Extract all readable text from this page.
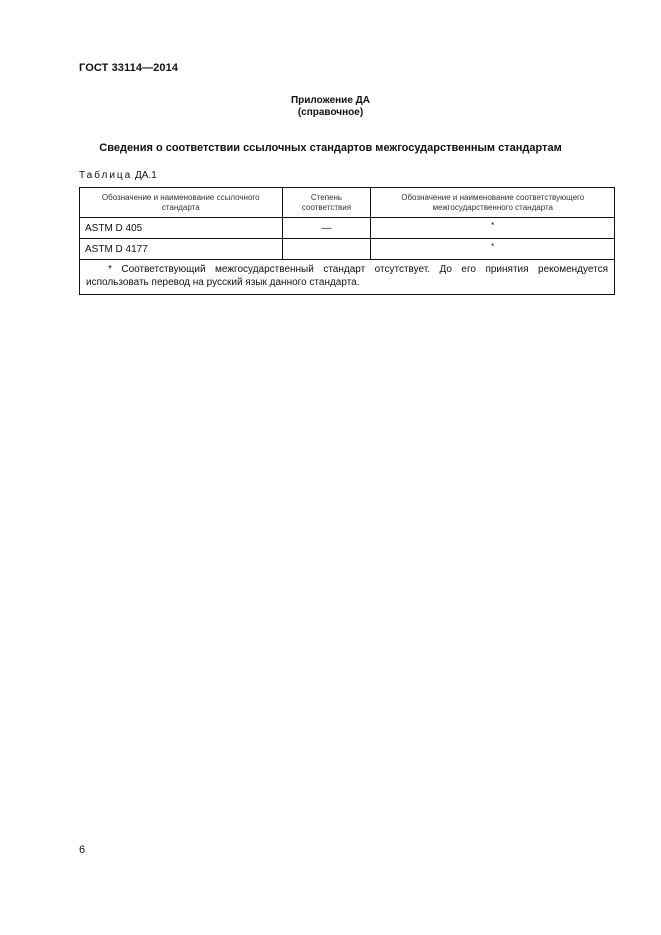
ГОСТ 33114—2014
Приложение ДА
(справочное)
Сведения о соответствии ссылочных стандартов межгосударственным стандартам
Таблица ДА.1
Обозначение и наименование ссылочного стандарта	Степень соответствия	Обозначение и наименование соответствующего межгосударственного стандарта

ASTM D 405	—	*
ASTM D 4177		*
* Соответствующий межгосударственный стандарт отсутствует. До его принятия рекомендуется использовать перевод на русский язык данного стандарта.		
6
